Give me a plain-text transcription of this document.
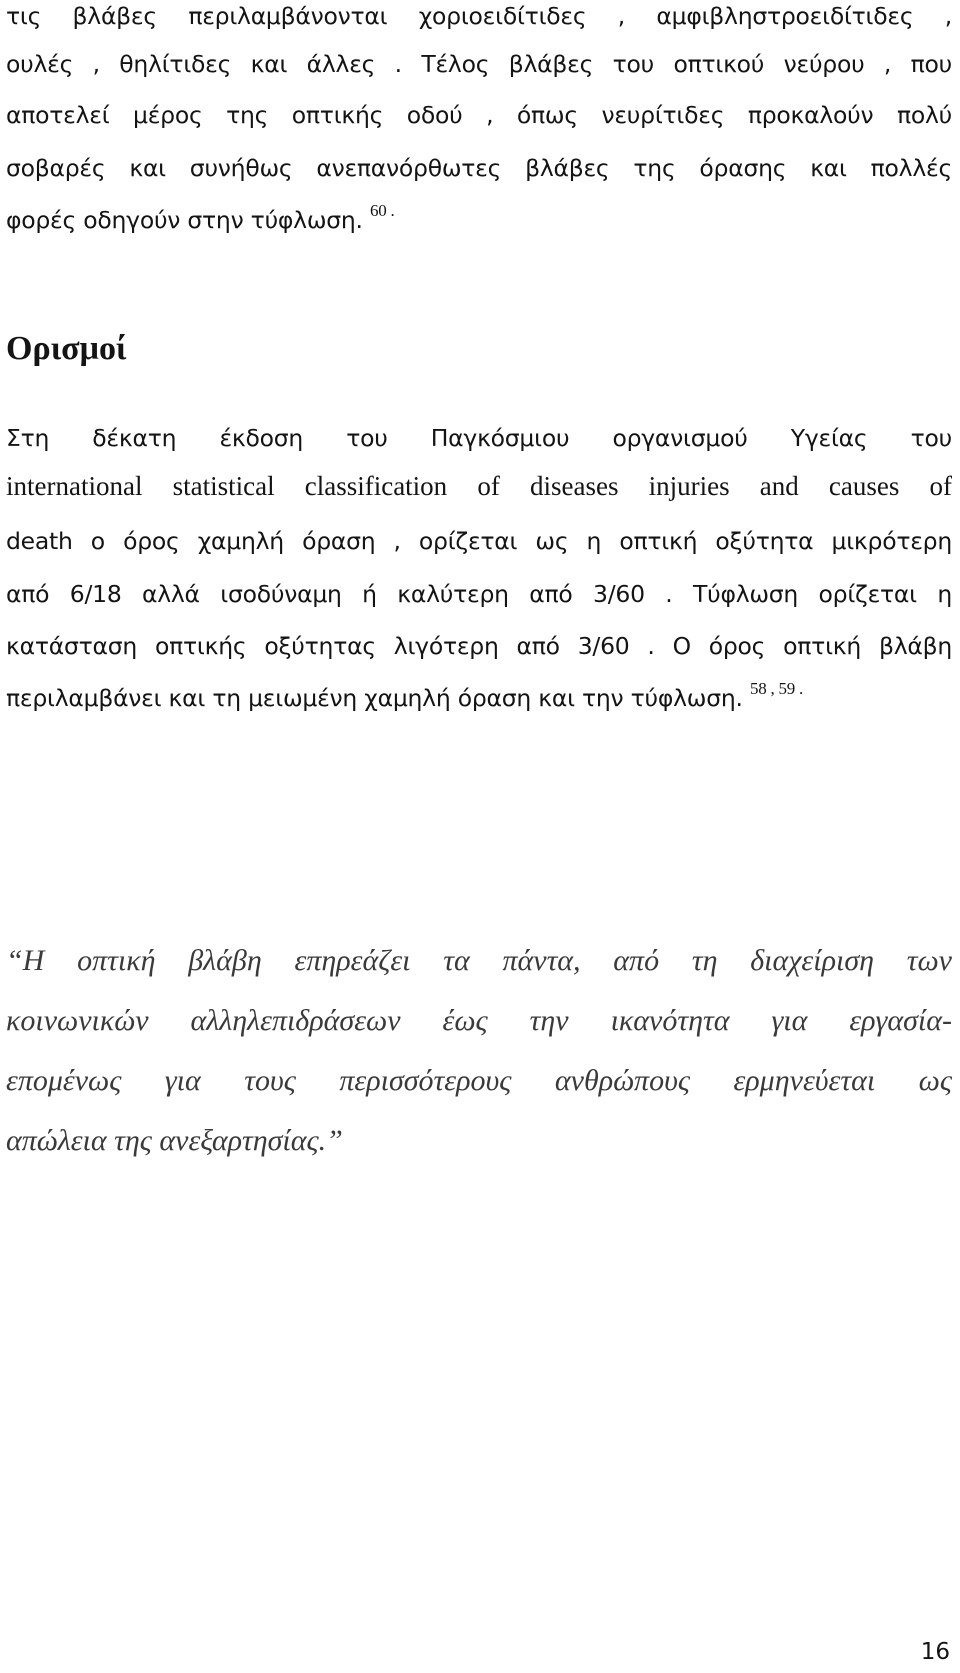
τις βλάβες περιλαμβάνονται χοριοειδίτιδες , αμφιβληστροειδίτιδες ,
ουλές , θηλίτιδες και άλλες . Τέλος βλάβες του οπτικού νεύρου , που
αποτελεί μέρος της οπτικής οδού , όπως νευρίτιδες προκαλούν πολύ
σοβαρές και συνήθως ανεπανόρθωτες βλάβες της όρασης και πολλές
φορές οδηγούν στην τύφλωση. $^{60 .}$
Ορισμοί
Στη δέκατη έκδοση του Παγκόσμιου οργανισμού Υγείας του
international statistical classification of diseases injuries and causes of
death ο όρος χαμηλή όραση , ορίζεται ως η οπτική οξύτητα μικρότερη
από 6/18 αλλά ισοδύναμη ή καλύτερη από 3/60 . Τύφλωση ορίζεται η
κατάσταση οπτικής οξύτητας λιγότερη από 3/60 . Ο όρος οπτική βλάβη
περιλαμβάνει και τη μειωμένη χαμηλή όραση και την τύφλωση. $^{58 , 59 .}$
“Η οπτική βλάβη επηρεάζει τα πάντα, από τη διαχείριση των
κοινωνικών αλληλεπιδράσεων έως την ικανότητα για εργασία-
επομένως για τους περισσότερους ανθρώπους ερμηνεύεται ως
απώλεια της ανεξαρτησίας.”
16
